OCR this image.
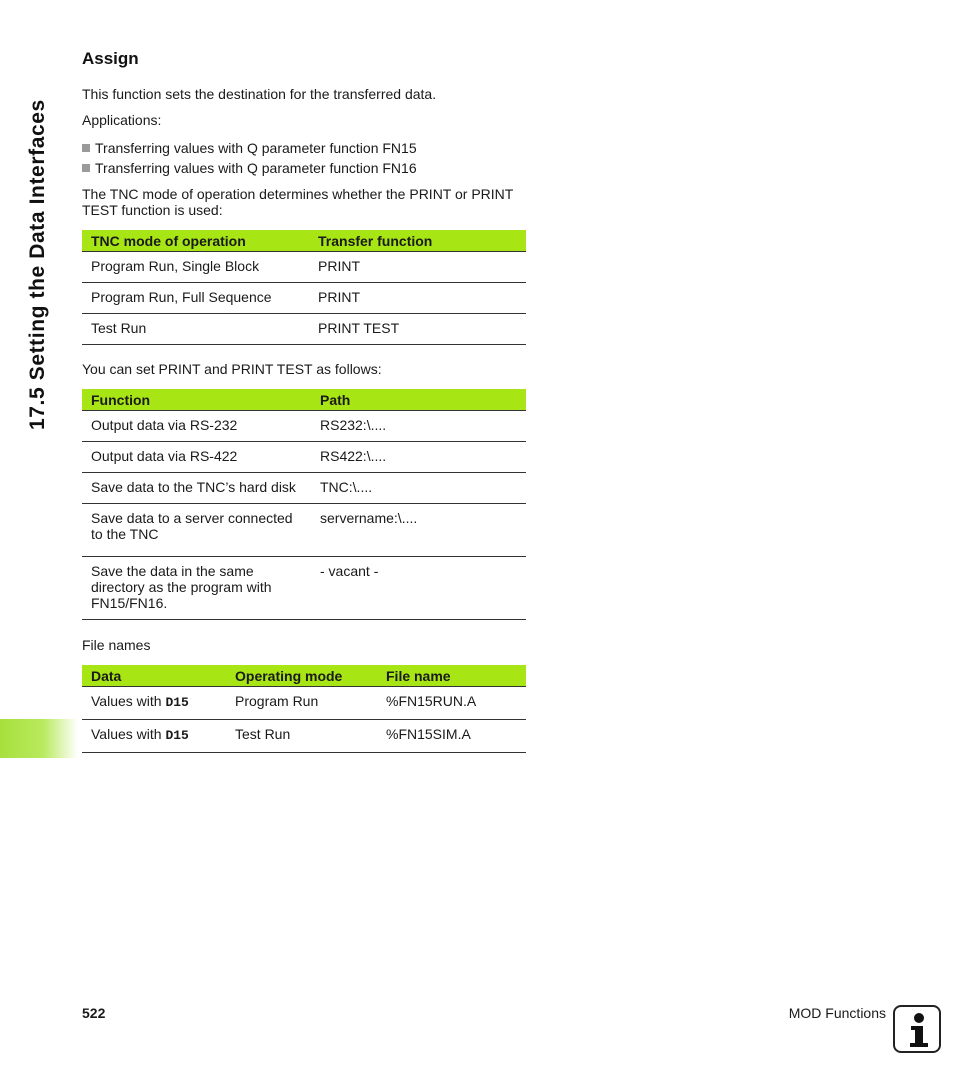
17.5 Setting the Data Interfaces
Assign

This function sets the destination for the transferred data.

Applications:

Transferring values with Q parameter function FN15
Transferring values with Q parameter function FN16

The TNC mode of operation determines whether the PRINT or PRINT TEST function is used:

TNC mode of operation	Transfer function
Program Run, Single Block	PRINT
Program Run, Full Sequence	PRINT
Test Run	PRINT TEST

You can set PRINT and PRINT TEST as follows:

Function	Path
Output data via RS-232	RS232:\....
Output data via RS-422	RS422:\....
Save data to the TNC’s hard disk	TNC:\....
Save data to a server connected to the TNC	servername:\....
Save the data in the same directory as the program with FN15/FN16.	- vacant -

File names

Data	Operating mode	File name
Values with D15	Program Run	%FN15RUN.A
Values with D15	Test Run	%FN15SIM.A
522	MOD Functions
